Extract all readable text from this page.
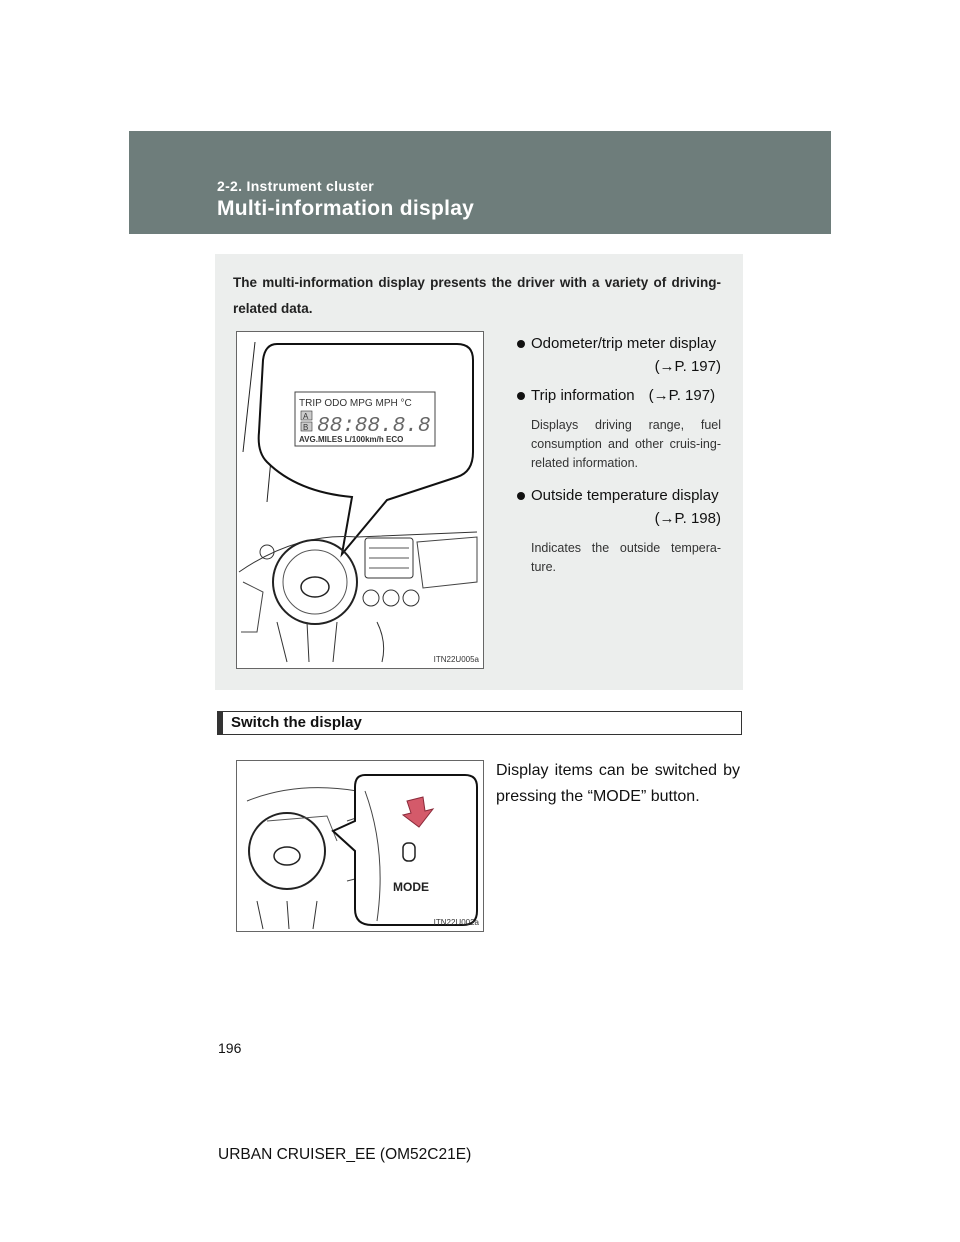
2-2. Instrument cluster
Multi-information display
The multi-information display presents the driver with a variety of driving-related data.
TRIP ODO MPG MPH °C
A
B 88:88.8.8
AVG.MILES L/100km/h ECO
ITN22U005a
Odometer/trip meter display
(→P. 197)
Trip information (→P. 197)
Displays driving range, fuel consumption and other cruis-ing-related information.
Outside temperature display
(→P. 198)
Indicates the outside tempera-ture.
Switch the display
MODE
ITN22U002a
Display items can be switched by pressing the “MODE” button.
196
URBAN CRUISER_EE (OM52C21E)
